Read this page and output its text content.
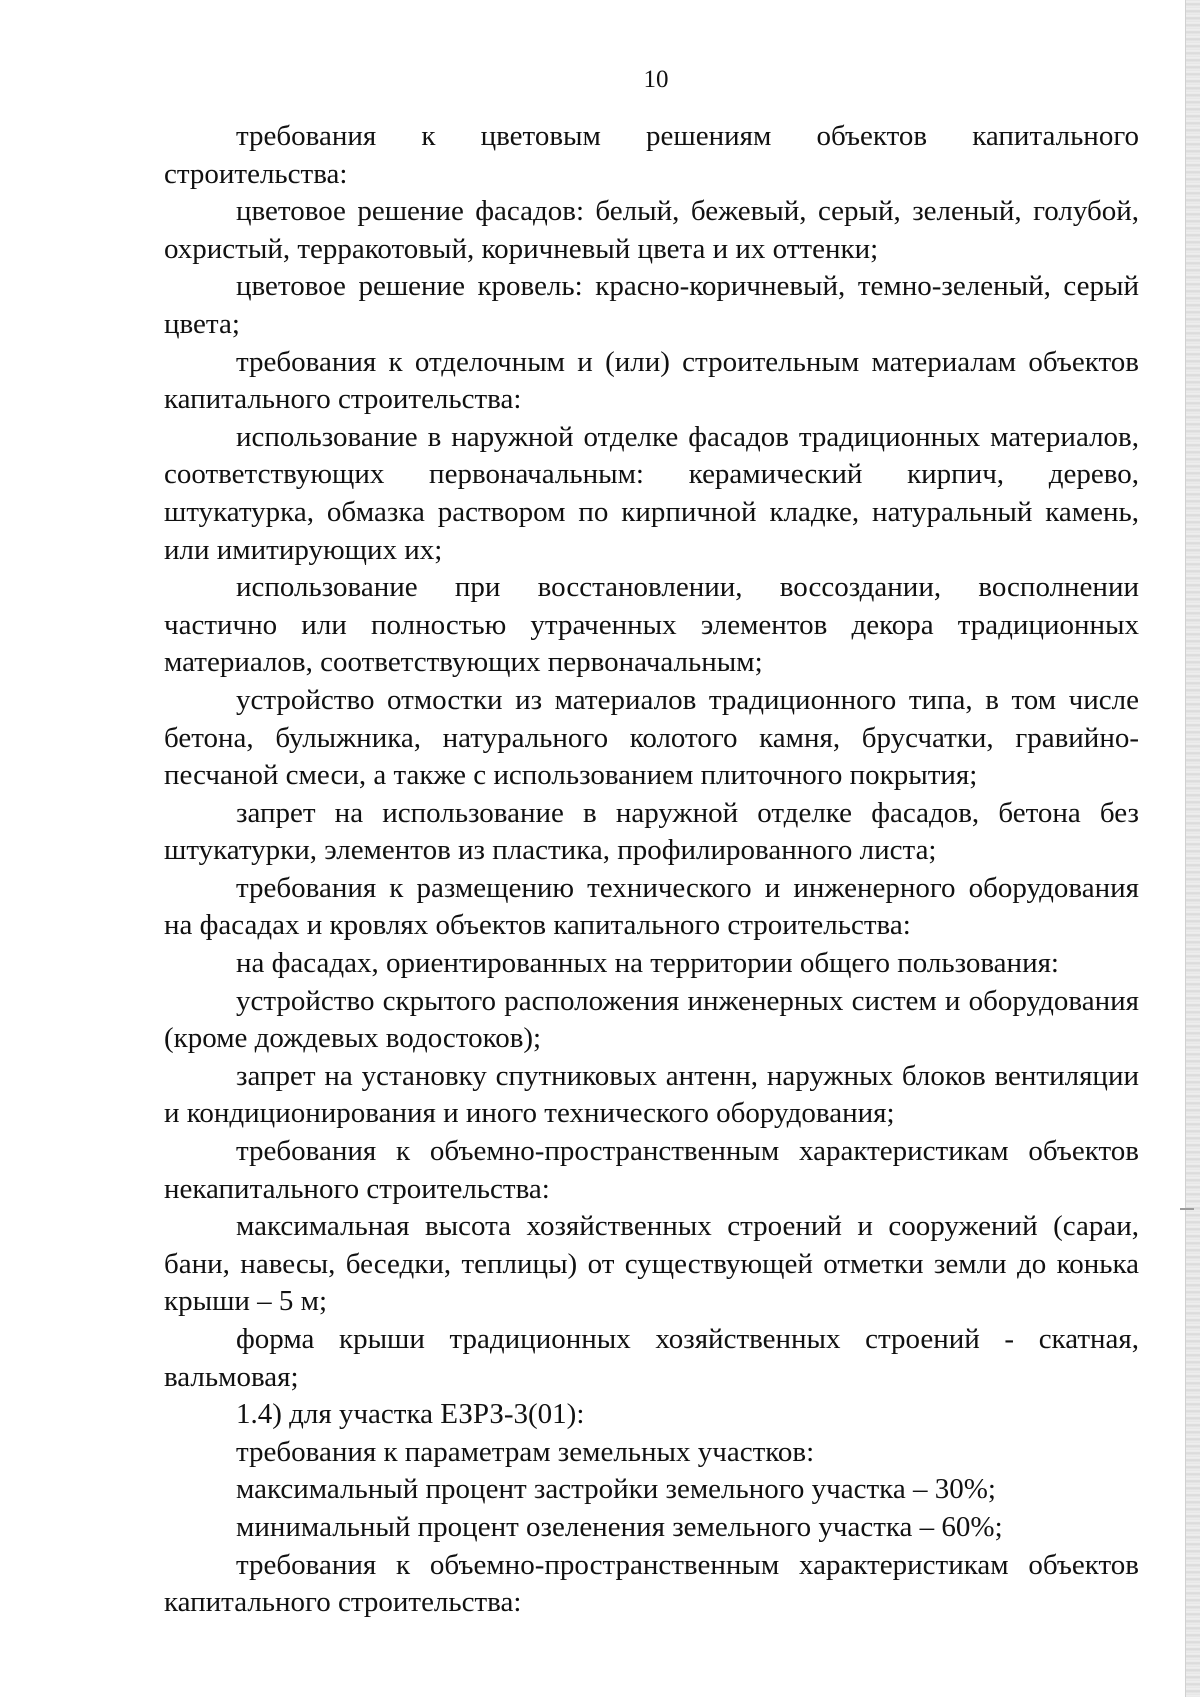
10

требования к цветовым решениям объектов капитального строительства:

цветовое решение фасадов: белый, бежевый, серый, зеленый, голубой, охристый, терракотовый, коричневый цвета и их оттенки;

цветовое решение кровель: красно-коричневый, темно-зеленый, серый цвета;

требования к отделочным и (или) строительным материалам объектов капитального строительства:

использование в наружной отделке фасадов традиционных материалов, соответствующих первоначальным: керамический кирпич, дерево, штукатурка, обмазка раствором по кирпичной кладке, натуральный камень, или имитирующих их;

использование при восстановлении, воссоздании, восполнении частично или полностью утраченных элементов декора традиционных материалов, соответствующих первоначальным;

устройство отмостки из материалов традиционного типа, в том числе бетона, булыжника, натурального колотого камня, брусчатки, гравийно-песчаной смеси, а также с использованием плиточного покрытия;

запрет на использование в наружной отделке фасадов, бетона без штукатурки, элементов из пластика, профилированного листа;

требования к размещению технического и инженерного оборудования на фасадах и кровлях объектов капитального строительства:

на фасадах, ориентированных на территории общего пользования:

устройство скрытого расположения инженерных систем и оборудования (кроме дождевых водостоков);

запрет на установку спутниковых антенн, наружных блоков вентиляции и кондиционирования и иного технического оборудования;

требования к объемно-пространственным характеристикам объектов некапитального строительства:

максимальная высота хозяйственных строений и сооружений (сараи, бани, навесы, беседки, теплицы) от существующей отметки земли до конька крыши – 5 м;

форма крыши традиционных хозяйственных строений - скатная, вальмовая;

1.4) для участка ЕЗРЗ-3(01):

требования к параметрам земельных участков:

максимальный процент застройки земельного участка – 30%;

минимальный процент озеленения земельного участка – 60%;

требования к объемно-пространственным характеристикам объектов капитального строительства:
